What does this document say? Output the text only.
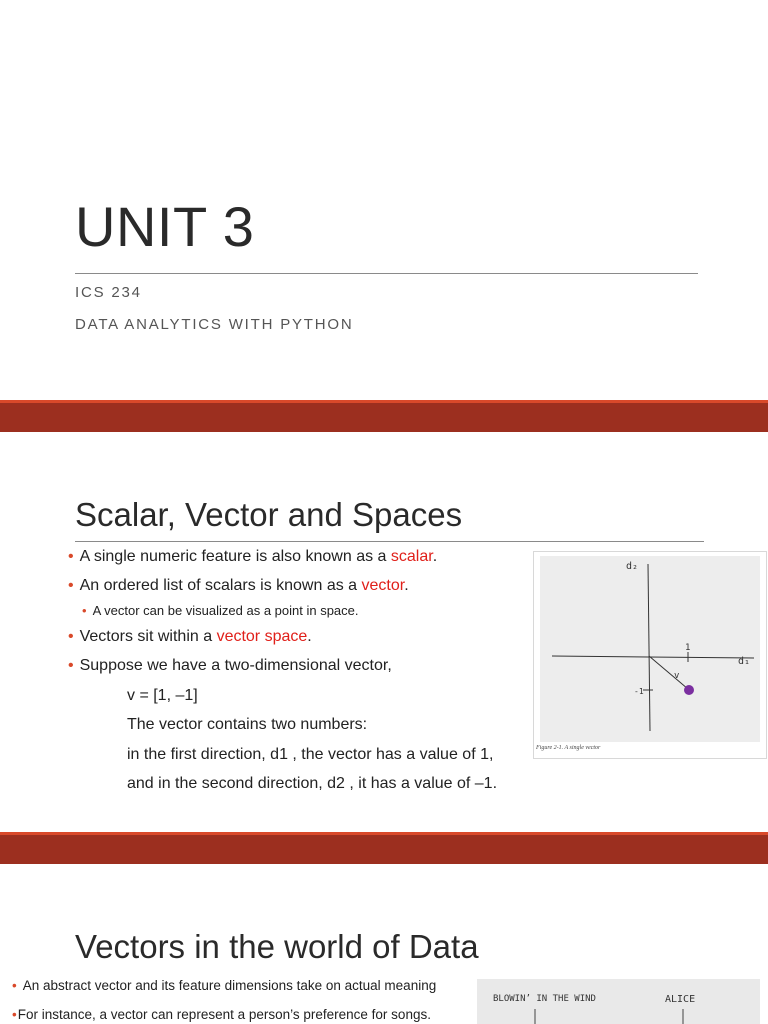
UNIT 3
ICS 234
DATA ANALYTICS WITH PYTHON
Scalar, Vector and Spaces
• A single numeric feature is also known as a scalar.
• An ordered list of scalars is known as a vector.
• A vector can be visualized as a point in space.
• Vectors sit within a vector space.
• Suppose we have a two-dimensional vector,
v = [1, –1]
The vector contains two numbers:
in the first direction, d1 , the vector has a value of 1,
and in the second direction, d2 , it has a value of –1.
d₂
d₁
1
-1
v
Figure 2-1. A single vector
Vectors in the world of Data
• An abstract vector and its feature dimensions take on actual meaning
•For instance, a vector can represent a person’s preference for songs.
BLOWIN’ IN THE WIND	ALICE
